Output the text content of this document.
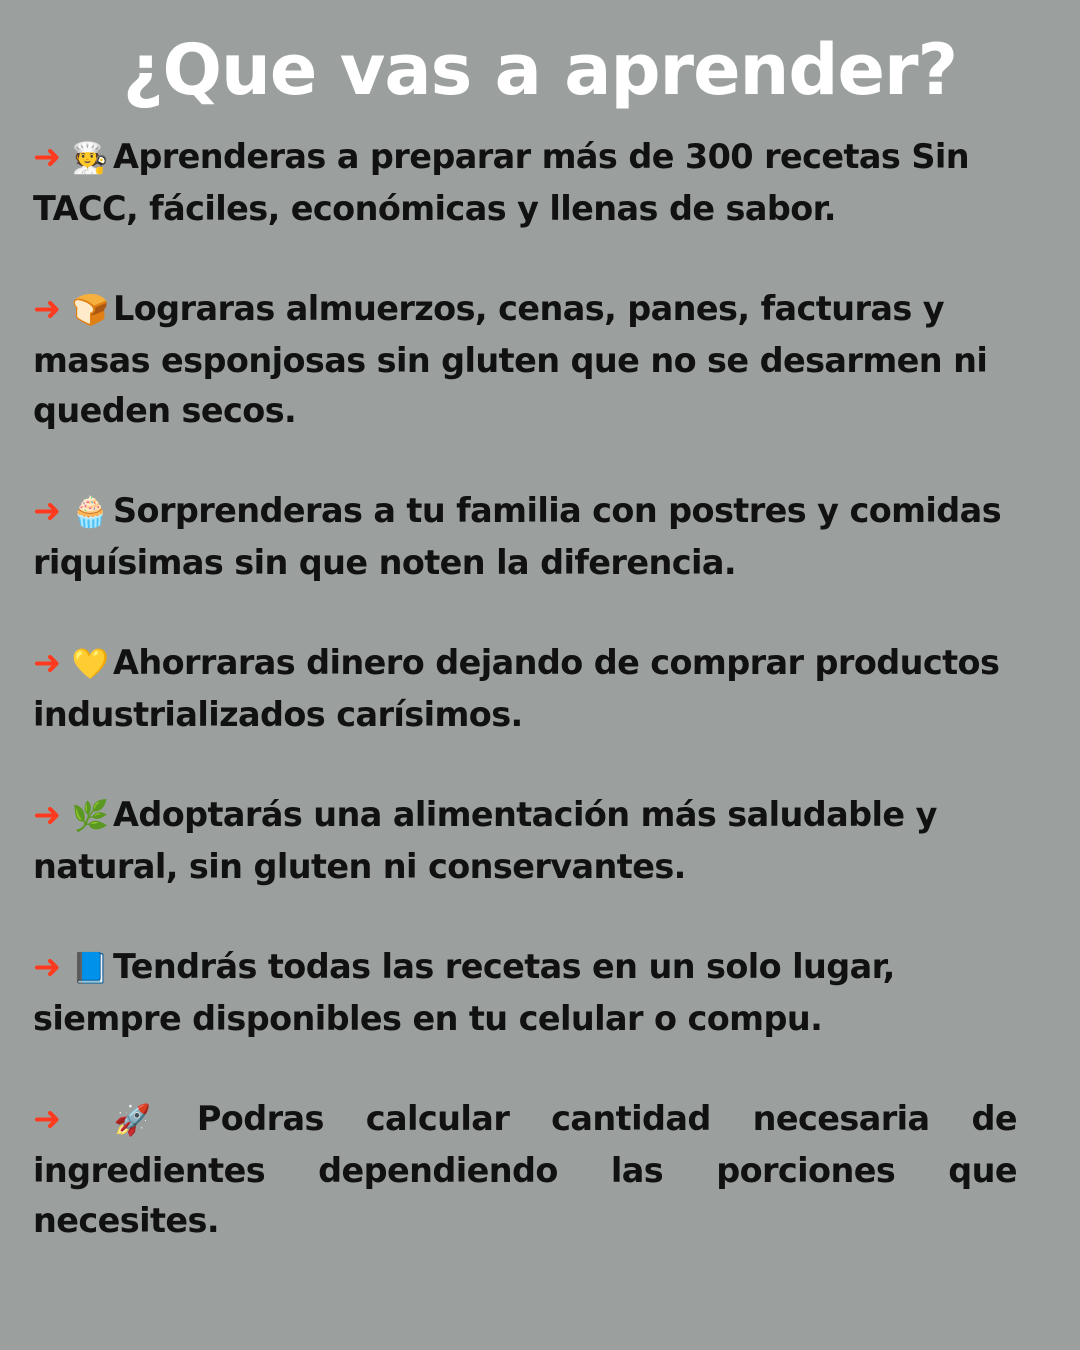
¿Que vas a aprender?

➜ 🧑‍🍳 Aprenderas a preparar más de 300 recetas Sin TACC, fáciles, económicas y llenas de sabor.

➜ 🍞 Lograras almuerzos, cenas, panes, facturas y masas esponjosas sin gluten que no se desarmen ni queden secos.

➜ 🧁 Sorprenderas a tu familia con postres y comidas riquísimas sin que noten la diferencia.

➜ 💛 Ahorraras dinero dejando de comprar productos industrializados carísimos.

➜ 🌿 Adoptarás una alimentación más saludable y natural, sin gluten ni conservantes.

➜ 📘 Tendrás todas las recetas en un solo lugar, siempre disponibles en tu celular o compu.

➜ 🚀 Podras calcular cantidad necesaria de ingredientes dependiendo las porciones que necesites.
